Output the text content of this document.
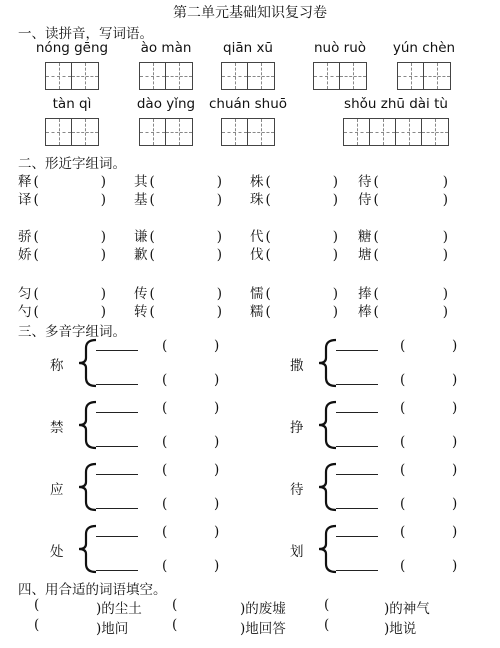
第二单元基础知识复习卷
一、读拼音，写词语。
nóng gēng	ào màn	qiān xū	nuò ruò	yún chèn
tàn qì	dào yǐng	chuán shuō	shǒu zhū dài tù
二、形近字组词。
释 (	) 其 (	) 株 (	) 待 (	)
译 (	) 基 (	) 珠 (	) 侍 (	)
骄 (	) 谦 (	) 代 (	) 糖 (	)
娇 (	) 歉 (	) 伐 (	) 塘 (	)
匀 (	) 传 (	) 懦 (	) 捧 (	)
勺 (	) 转 (	) 糯 (	) 棒 (	)
三、多音字组词。
称
(	)
(	)
撒
(	)
(	)
禁
(	)
(	)
挣
(	)
(	)
应
(	)
(	)
待
(	)
(	)
处
(	)
(	)
划
(	)
(	)
四、用合适的词语填空。
(	)的尘土 (	)的废墟	(	)的神气
(	)地问	(	)地回答	(	)地说
